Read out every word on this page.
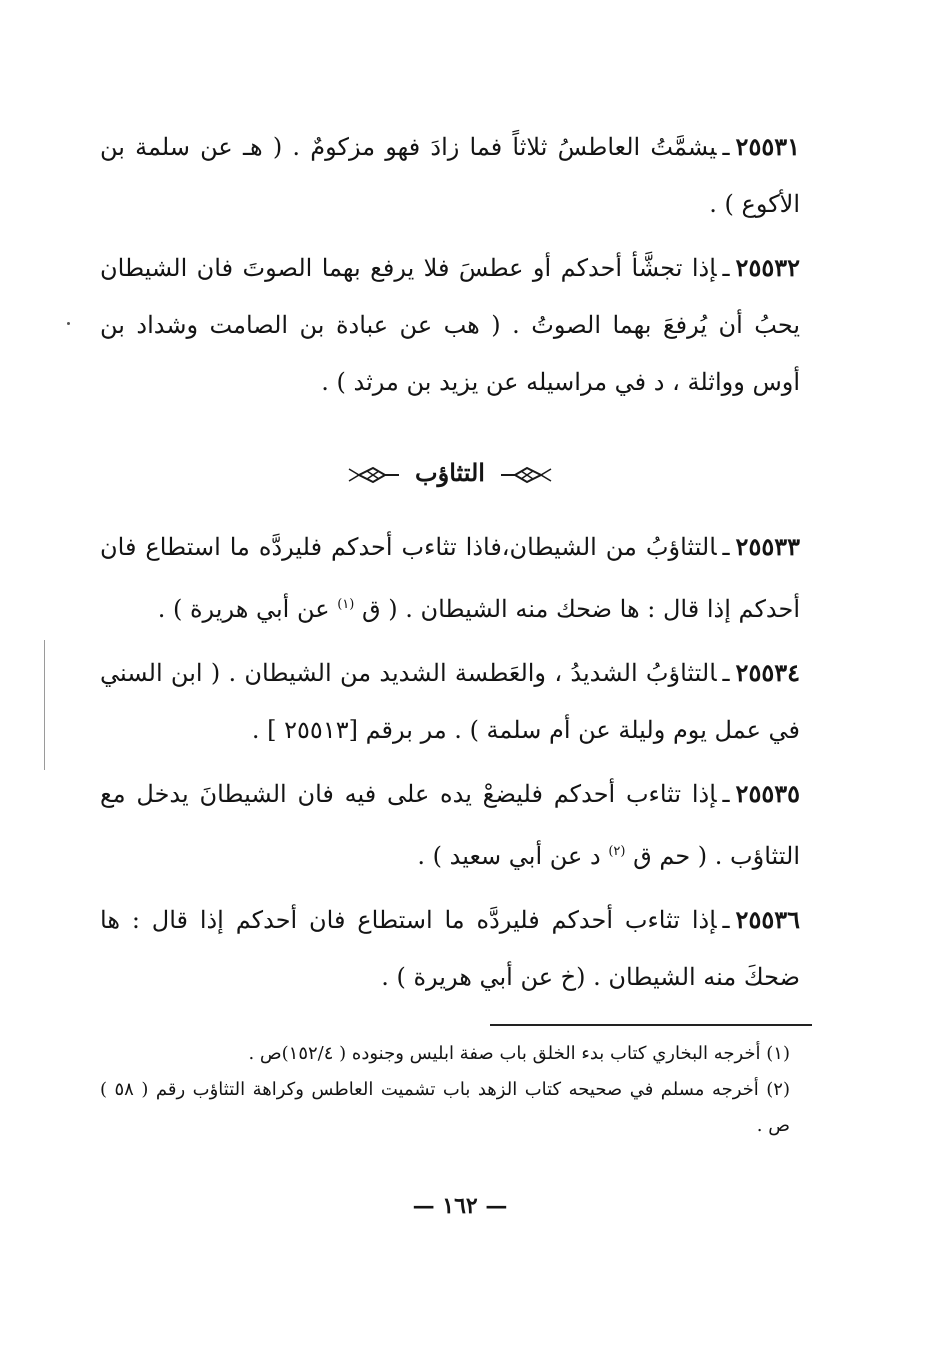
٢٥٥٣١ـيشمَّتُ العاطسُ ثلاثاً فما زادَ فهو مزكومٌ . ( هـ عن سلمة بن الأكوع ) .

٢٥٥٣٢ـإذا تجشَّأ أحدكم أو عطسَ فلا يرفع بهما الصوتَ فان الشيطان يحبُ أن يُرفعَ بهما الصوتُ . ( هب عن عبادة بن الصامت وشداد بن أوس وواثلة ، د في مراسيله عن يزيد بن مرثد ) .

التثاؤب

٢٥٥٣٣ـالتثاؤبُ من الشيطان،فاذا تثاءب أحدكم فليردَّه ما استطاع فان أحدكم إذا قال : ها ضحك منه الشيطان . ( ق $^{(١)}$ عن أبي هريرة ) .

٢٥٥٣٤ـالتثاؤبُ الشديدُ ، والعَطسة الشديد من الشيطان . ( ابن السني في عمل يوم وليلة عن أم سلمة ) . مر برقم [٢٥٥١٣ ] .

٢٥٥٣٥ـإذا تثاءب أحدكم فليضعْ يده على فيه فان الشيطانَ يدخل مع التثاؤب . ( حم ق $^{(٢)}$ د عن أبي سعيد ) .

٢٥٥٣٦ـإذا تثاءب أحدكم فليردَّه ما استطاع فان أحدكم إذا قال : ها ضحكَ منه الشيطان . (خ عن أبي هريرة ) .

(١) أخرجه البخاري كتاب بدء الخلق باب صفة ابليس وجنوده ( ١٥٢/٤)ص .

(٢) أخرجه مسلم في صحيحه كتاب الزهد باب تشميت العاطس وكراهة التثاؤب رقم ( ٥٨ ) ص .

— ١٦٢ —
